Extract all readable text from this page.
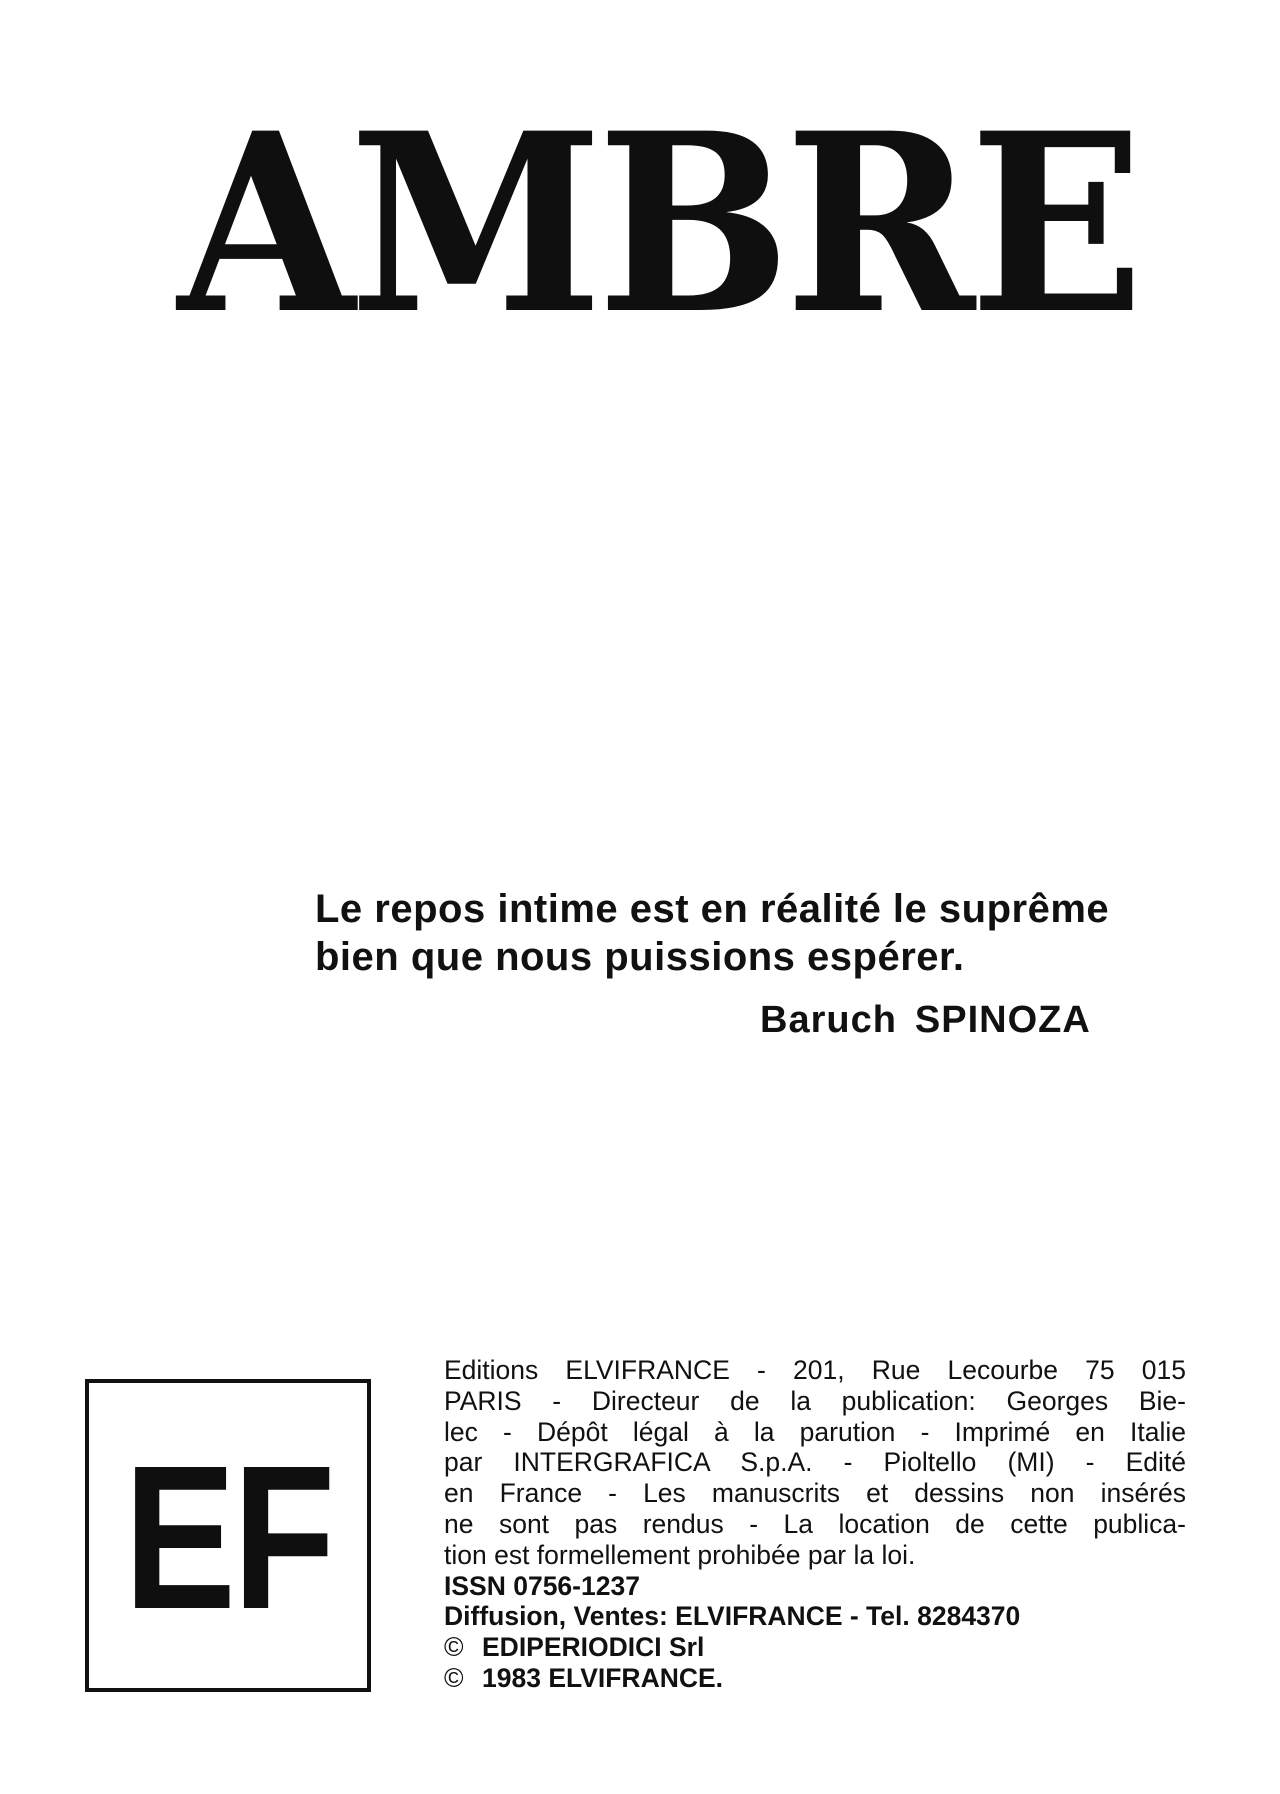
AMBRE
Le repos intime est en réalité le suprême
bien que nous puissions espérer.
Baruch SPINOZA
EF
Editions ELVIFRANCE - 201, Rue Lecourbe 75 015
PARIS - Directeur de la publication: Georges Bie-
lec - Dépôt légal à la parution - Imprimé en Italie
par INTERGRAFICA S.p.A. - Pioltello (MI) - Edité
en France - Les manuscrits et dessins non insérés
ne sont pas rendus - La location de cette publica-
tion est formellement prohibée par la loi.
ISSN 0756-1237
Diffusion, Ventes: ELVIFRANCE - Tel. 8284370
© EDIPERIODICI Srl
© 1983 ELVIFRANCE.
